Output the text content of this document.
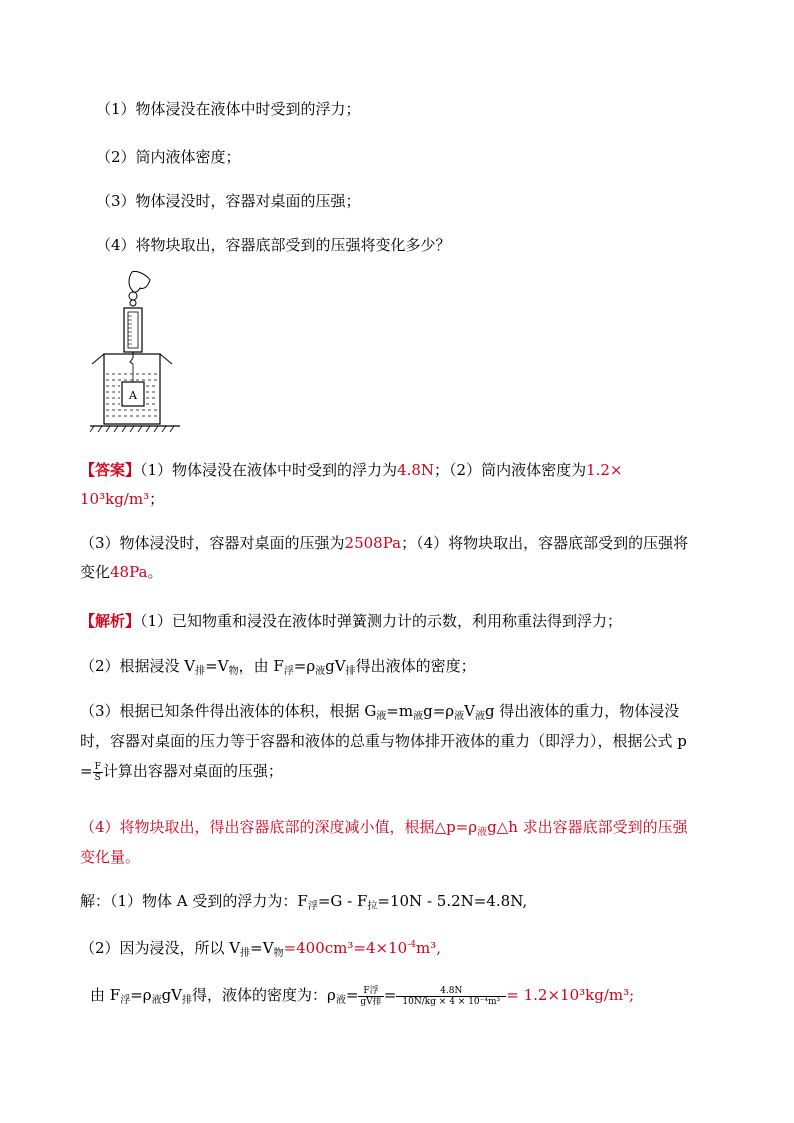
（1）物体浸没在液体中时受到的浮力；
（2）筒内液体密度；
（3）物体浸没时，容器对桌面的压强；
（4）将物块取出，容器底部受到的压强将变化多少？
A
【答案】（1）物体浸没在液体中时受到的浮力为4.8N；（2）筒内液体密度为1.2×
10³kg/m³；
（3）物体浸没时，容器对桌面的压强为2508Pa；（4）将物块取出，容器底部受到的压强将
变化48Pa。
【解析】（1）已知物重和浸没在液体时弹簧测力计的示数，利用称重法得到浮力；
（2）根据浸没 $V_排=V_物$，由 $F_浮=\rho_液gV_排$得出液体的密度；
（3）根据已知条件得出液体的体积，根据 $G_液=m_液g=\rho_液V_液g$ 得出液体的重力，物体浸没
时，容器对桌面的压力等于容器和液体的总重与物体排开液体的重力（即浮力），根据公式 p
= $\frac{F}{S}$ 计算出容器对桌面的压强；
（4）将物块取出，得出容器底部的深度减小值，根据$\triangle p=\rho_液g\triangle h$ 求出容器底部受到的压强
变化量。
解：（1）物体 A 受到的浮力为：$F_浮=G - F_拉=10N - 5.2N=4.8N$,
（2）因为浸没，所以 $V_排=V_物=400cm^3=4\times 10^{-4}m^3$,
由 $F_浮=\rho_液gV_排$得，液体的密度为：$\rho_液= \frac{\text{F浮}}{\text{gV排}} = \frac{4.8N}{\text{10N/kg × 4 × 10⁻⁴m³}} = 1.2\times 10^3kg/m^3$;
